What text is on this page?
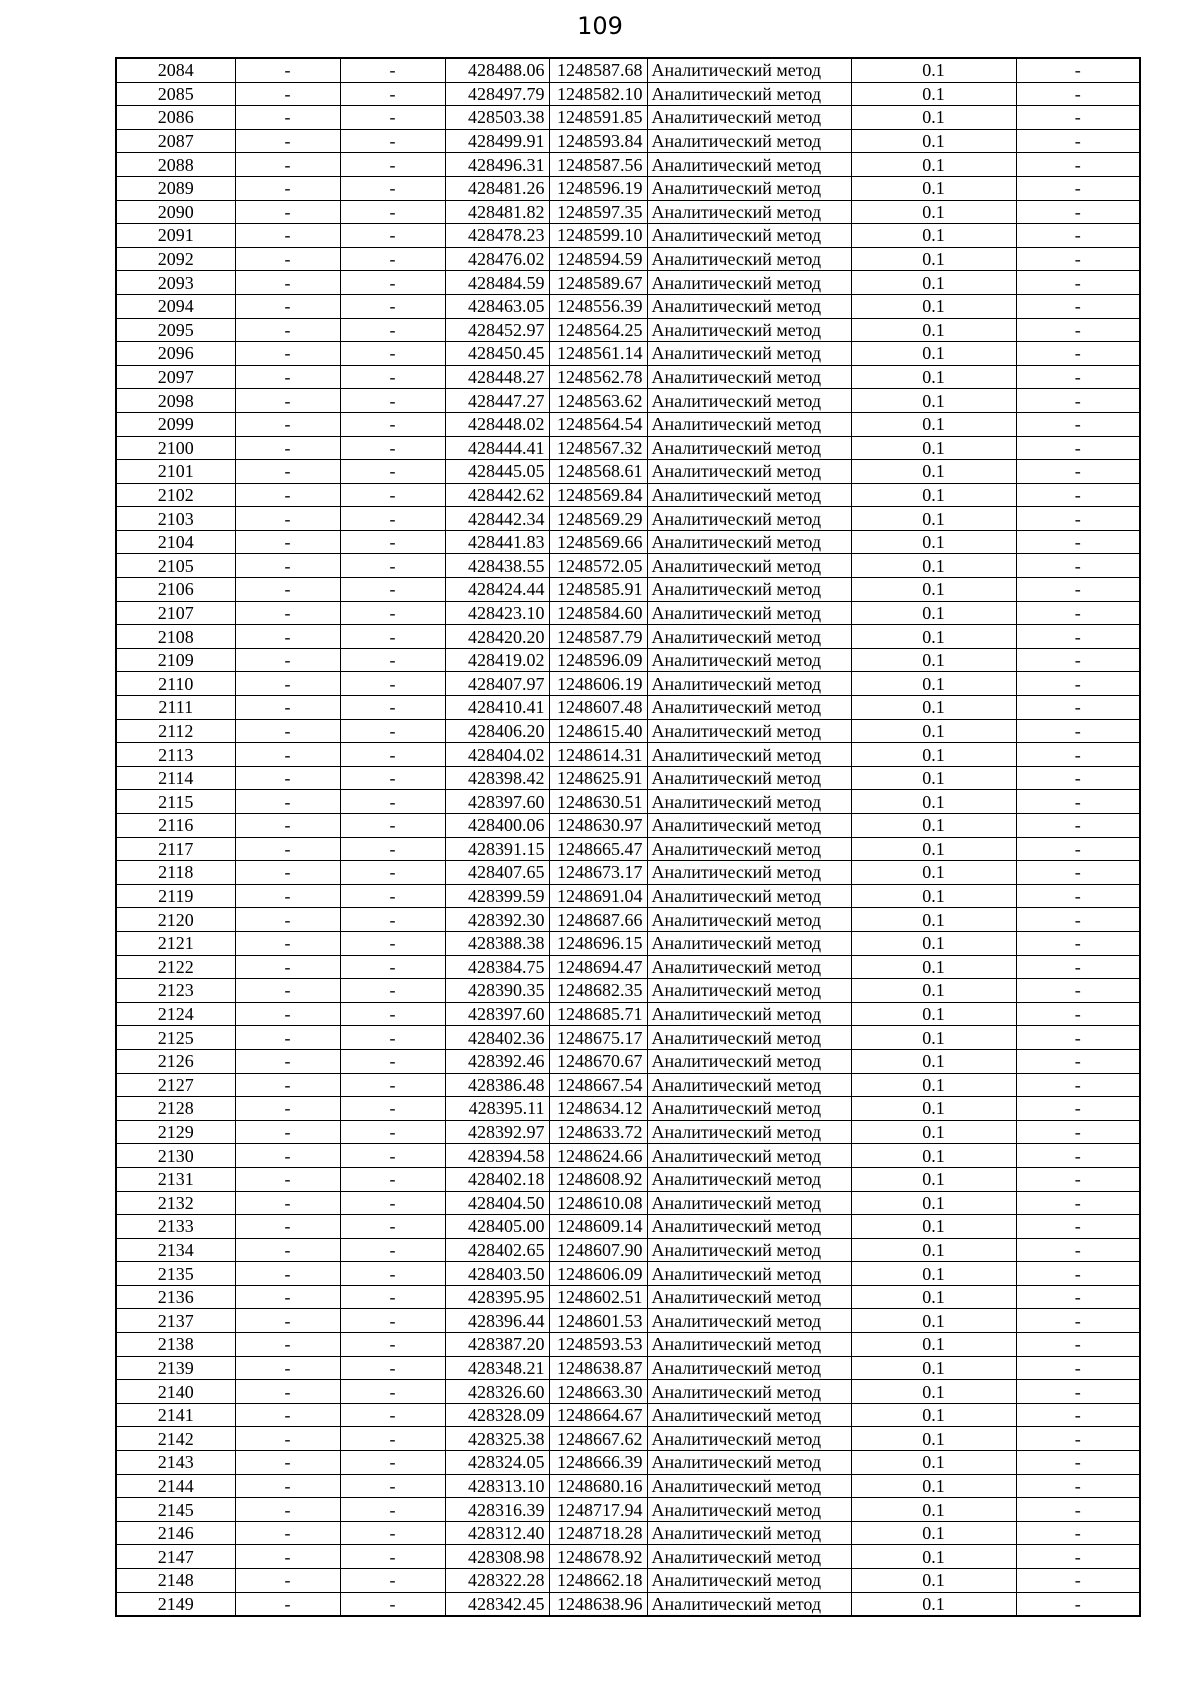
109
2084	-	-	428488.06	1248587.68	Аналитический метод	0.1	-
2085	-	-	428497.79	1248582.10	Аналитический метод	0.1	-
2086	-	-	428503.38	1248591.85	Аналитический метод	0.1	-
2087	-	-	428499.91	1248593.84	Аналитический метод	0.1	-
2088	-	-	428496.31	1248587.56	Аналитический метод	0.1	-
2089	-	-	428481.26	1248596.19	Аналитический метод	0.1	-
2090	-	-	428481.82	1248597.35	Аналитический метод	0.1	-
2091	-	-	428478.23	1248599.10	Аналитический метод	0.1	-
2092	-	-	428476.02	1248594.59	Аналитический метод	0.1	-
2093	-	-	428484.59	1248589.67	Аналитический метод	0.1	-
2094	-	-	428463.05	1248556.39	Аналитический метод	0.1	-
2095	-	-	428452.97	1248564.25	Аналитический метод	0.1	-
2096	-	-	428450.45	1248561.14	Аналитический метод	0.1	-
2097	-	-	428448.27	1248562.78	Аналитический метод	0.1	-
2098	-	-	428447.27	1248563.62	Аналитический метод	0.1	-
2099	-	-	428448.02	1248564.54	Аналитический метод	0.1	-
2100	-	-	428444.41	1248567.32	Аналитический метод	0.1	-
2101	-	-	428445.05	1248568.61	Аналитический метод	0.1	-
2102	-	-	428442.62	1248569.84	Аналитический метод	0.1	-
2103	-	-	428442.34	1248569.29	Аналитический метод	0.1	-
2104	-	-	428441.83	1248569.66	Аналитический метод	0.1	-
2105	-	-	428438.55	1248572.05	Аналитический метод	0.1	-
2106	-	-	428424.44	1248585.91	Аналитический метод	0.1	-
2107	-	-	428423.10	1248584.60	Аналитический метод	0.1	-
2108	-	-	428420.20	1248587.79	Аналитический метод	0.1	-
2109	-	-	428419.02	1248596.09	Аналитический метод	0.1	-
2110	-	-	428407.97	1248606.19	Аналитический метод	0.1	-
2111	-	-	428410.41	1248607.48	Аналитический метод	0.1	-
2112	-	-	428406.20	1248615.40	Аналитический метод	0.1	-
2113	-	-	428404.02	1248614.31	Аналитический метод	0.1	-
2114	-	-	428398.42	1248625.91	Аналитический метод	0.1	-
2115	-	-	428397.60	1248630.51	Аналитический метод	0.1	-
2116	-	-	428400.06	1248630.97	Аналитический метод	0.1	-
2117	-	-	428391.15	1248665.47	Аналитический метод	0.1	-
2118	-	-	428407.65	1248673.17	Аналитический метод	0.1	-
2119	-	-	428399.59	1248691.04	Аналитический метод	0.1	-
2120	-	-	428392.30	1248687.66	Аналитический метод	0.1	-
2121	-	-	428388.38	1248696.15	Аналитический метод	0.1	-
2122	-	-	428384.75	1248694.47	Аналитический метод	0.1	-
2123	-	-	428390.35	1248682.35	Аналитический метод	0.1	-
2124	-	-	428397.60	1248685.71	Аналитический метод	0.1	-
2125	-	-	428402.36	1248675.17	Аналитический метод	0.1	-
2126	-	-	428392.46	1248670.67	Аналитический метод	0.1	-
2127	-	-	428386.48	1248667.54	Аналитический метод	0.1	-
2128	-	-	428395.11	1248634.12	Аналитический метод	0.1	-
2129	-	-	428392.97	1248633.72	Аналитический метод	0.1	-
2130	-	-	428394.58	1248624.66	Аналитический метод	0.1	-
2131	-	-	428402.18	1248608.92	Аналитический метод	0.1	-
2132	-	-	428404.50	1248610.08	Аналитический метод	0.1	-
2133	-	-	428405.00	1248609.14	Аналитический метод	0.1	-
2134	-	-	428402.65	1248607.90	Аналитический метод	0.1	-
2135	-	-	428403.50	1248606.09	Аналитический метод	0.1	-
2136	-	-	428395.95	1248602.51	Аналитический метод	0.1	-
2137	-	-	428396.44	1248601.53	Аналитический метод	0.1	-
2138	-	-	428387.20	1248593.53	Аналитический метод	0.1	-
2139	-	-	428348.21	1248638.87	Аналитический метод	0.1	-
2140	-	-	428326.60	1248663.30	Аналитический метод	0.1	-
2141	-	-	428328.09	1248664.67	Аналитический метод	0.1	-
2142	-	-	428325.38	1248667.62	Аналитический метод	0.1	-
2143	-	-	428324.05	1248666.39	Аналитический метод	0.1	-
2144	-	-	428313.10	1248680.16	Аналитический метод	0.1	-
2145	-	-	428316.39	1248717.94	Аналитический метод	0.1	-
2146	-	-	428312.40	1248718.28	Аналитический метод	0.1	-
2147	-	-	428308.98	1248678.92	Аналитический метод	0.1	-
2148	-	-	428322.28	1248662.18	Аналитический метод	0.1	-
2149	-	-	428342.45	1248638.96	Аналитический метод	0.1	-
